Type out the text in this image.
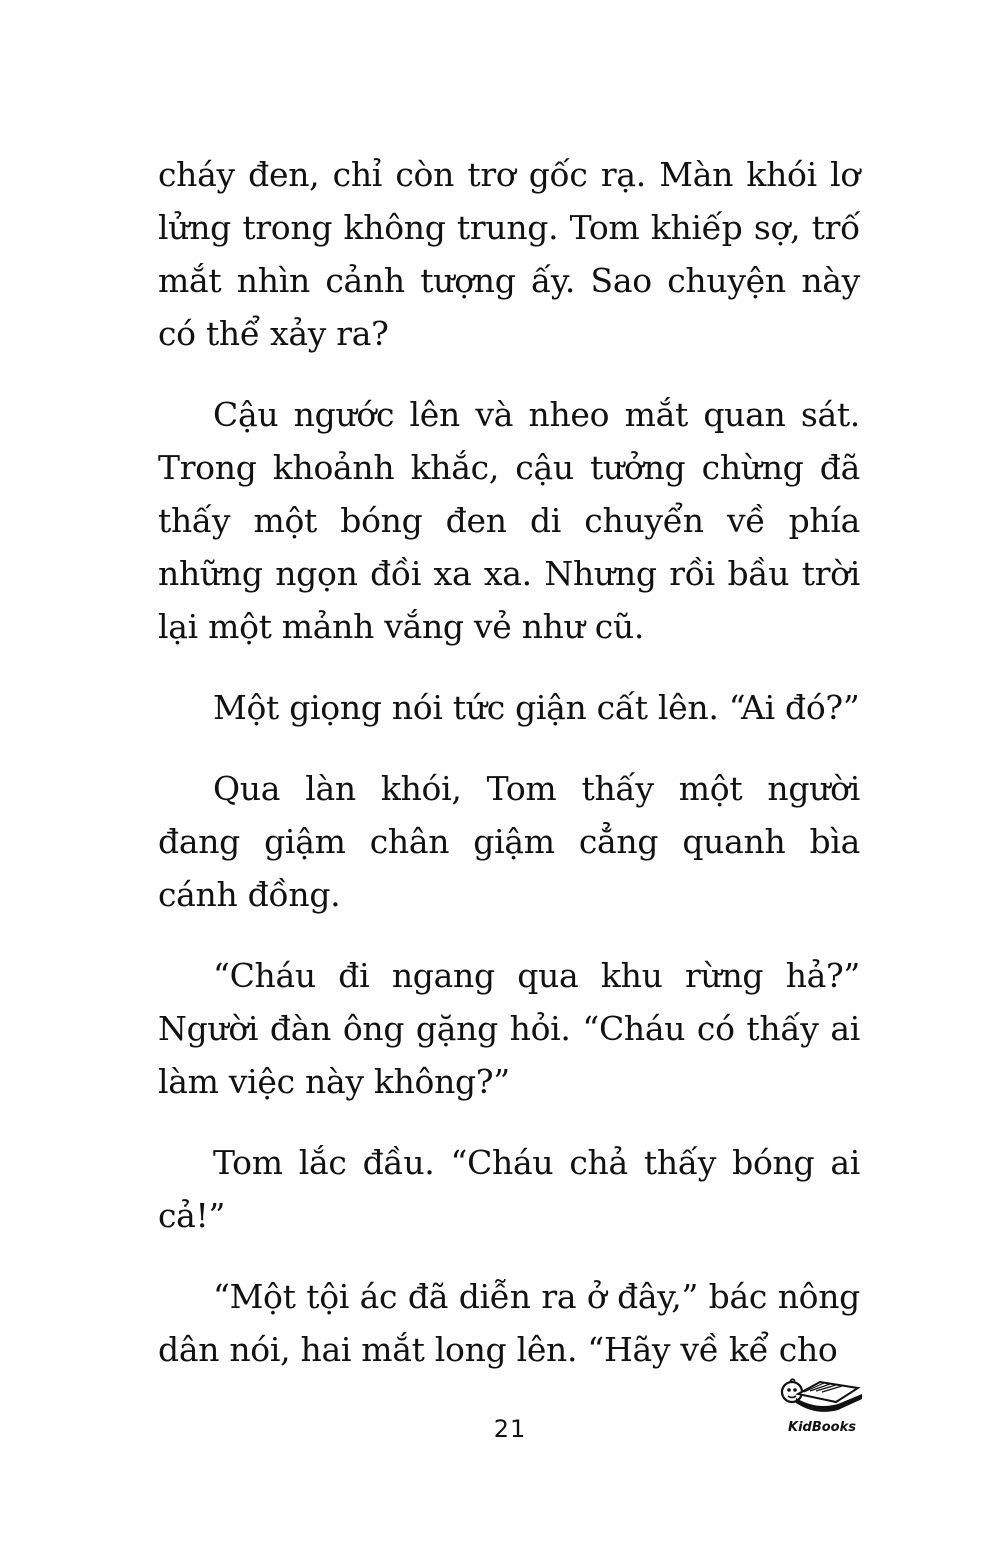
cháy đen, chỉ còn trơ gốc rạ. Màn khói lơ lửng trong không trung. Tom khiếp sợ, trố mắt nhìn cảnh tượng ấy. Sao chuyện này có thể xảy ra?

Cậu ngước lên và nheo mắt quan sát. Trong khoảnh khắc, cậu tưởng chừng đã thấy một bóng đen di chuyển về phía những ngọn đồi xa xa. Nhưng rồi bầu trời lại một mảnh vắng vẻ như cũ.

Một giọng nói tức giận cất lên. “Ai đó?”

Qua làn khói, Tom thấy một người đang giậm chân giậm cẳng quanh bìa cánh đồng.

“Cháu đi ngang qua khu rừng hả?” Người đàn ông gặng hỏi. “Cháu có thấy ai làm việc này không?”

Tom lắc đầu. “Cháu chả thấy bóng ai cả!”

“Một tội ác đã diễn ra ở đây,” bác nông dân nói, hai mắt long lên. “Hãy về kể cho

21	KidBooks
